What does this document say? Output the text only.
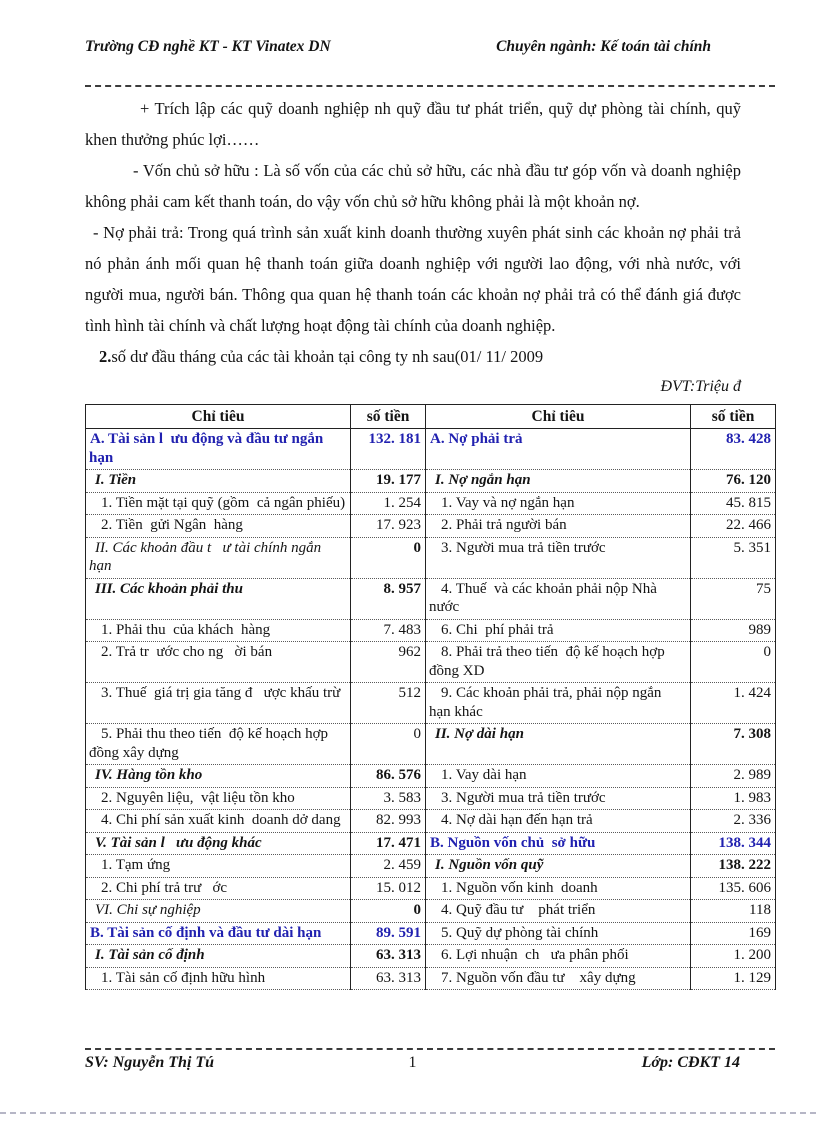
Trường CĐ nghề KT - KT Vinatex DN	Chuyên ngành: Kế toán tài chính

+ Trích lập các quỹ doanh nghiệp nh quỹ đầu tư phát triển, quỹ dự phòng tài chính, quỹ khen thưởng phúc lợi……

- Vốn chủ sở hữu : Là số vốn của các chủ sở hữu, các nhà đầu tư góp vốn và doanh nghiệp không phải cam kết thanh toán, do vậy vốn chủ sở hữu không phải là một khoản nợ.

- Nợ phải trả: Trong quá trình sản xuất kinh doanh thường xuyên phát sinh các khoản nợ phải trả nó phản ánh mối quan hệ thanh toán giữa doanh nghiệp với người lao động, với nhà nước, với người mua, người bán. Thông qua quan hệ thanh toán các khoản nợ phải trả có thể đánh giá được tình hình tài chính và chất lượng hoạt động tài chính của doanh nghiệp.

2.số dư đầu tháng của các tài khoản tại công ty nh sau(01/ 11/ 2009

ĐVT:Triệu đ

Chỉ tiêu	số tiền	Chỉ tiêu	số tiền
A. Tài sản l  ưu động và đầu tư ngắn hạn	132. 181	A. Nợ phải trả	83. 428
I. Tiền	19. 177	I. Nợ ngắn hạn	76. 120
1. Tiền mặt tại quỹ (gồm  cả ngân phiếu)	1. 254	1. Vay và nợ ngắn hạn	45. 815
2. Tiền  gửi Ngân  hàng	17. 923	2. Phải trả người bán	22. 466
II. Các khoản đầu t   ư tài chính ngắn hạn	0	3. Người mua trả tiền trước	5. 351
III. Các khoản phải thu	8. 957	4. Thuế  và các khoản phải nộp Nhà nước	75
1. Phải thu  của khách  hàng	7. 483	6. Chi  phí phải trả	989
2. Trả tr  ước cho ng   ời bán	962	8. Phải trả theo tiến  độ kế hoạch hợp đồng XD	0
3. Thuế  giá trị gia tăng đ   ược khấu trừ	512	9. Các khoản phải trả, phải nộp ngắn  hạn khác	1. 424
5. Phải thu theo tiến  độ kế hoạch hợp đồng xây dựng	0	II. Nợ dài hạn	7. 308
IV. Hàng tồn kho	86. 576	1. Vay dài hạn	2. 989
2. Nguyên liệu,  vật liệu tồn kho	3. 583	3. Người mua trả tiền trước	1. 983
4. Chi phí sản xuất kinh  doanh dở dang	82. 993	4. Nợ dài hạn đến hạn trả	2. 336
V. Tài sản l   ưu động khác	17. 471	B. Nguồn vốn chủ  sở hữu	138. 344
1. Tạm ứng	2. 459	I. Nguồn vốn quỹ	138. 222
2. Chi phí trả trư   ớc	15. 012	1. Nguồn vốn kinh  doanh	135. 606
VI. Chi sự nghiệp	0	4. Quỹ đầu tư    phát triển	118
B. Tài sản cố định và đầu tư dài hạn	89. 591	5. Quỹ dự phòng tài chính	169
I. Tài sản cố định	63. 313	6. Lợi nhuận  ch   ưa phân phối	1. 200
1. Tài sản cố định hữu hình	63. 313	7. Nguồn vốn đầu tư    xây dựng	1. 129
SV: Nguyễn Thị Tú	1	Lớp: CĐKT 14
